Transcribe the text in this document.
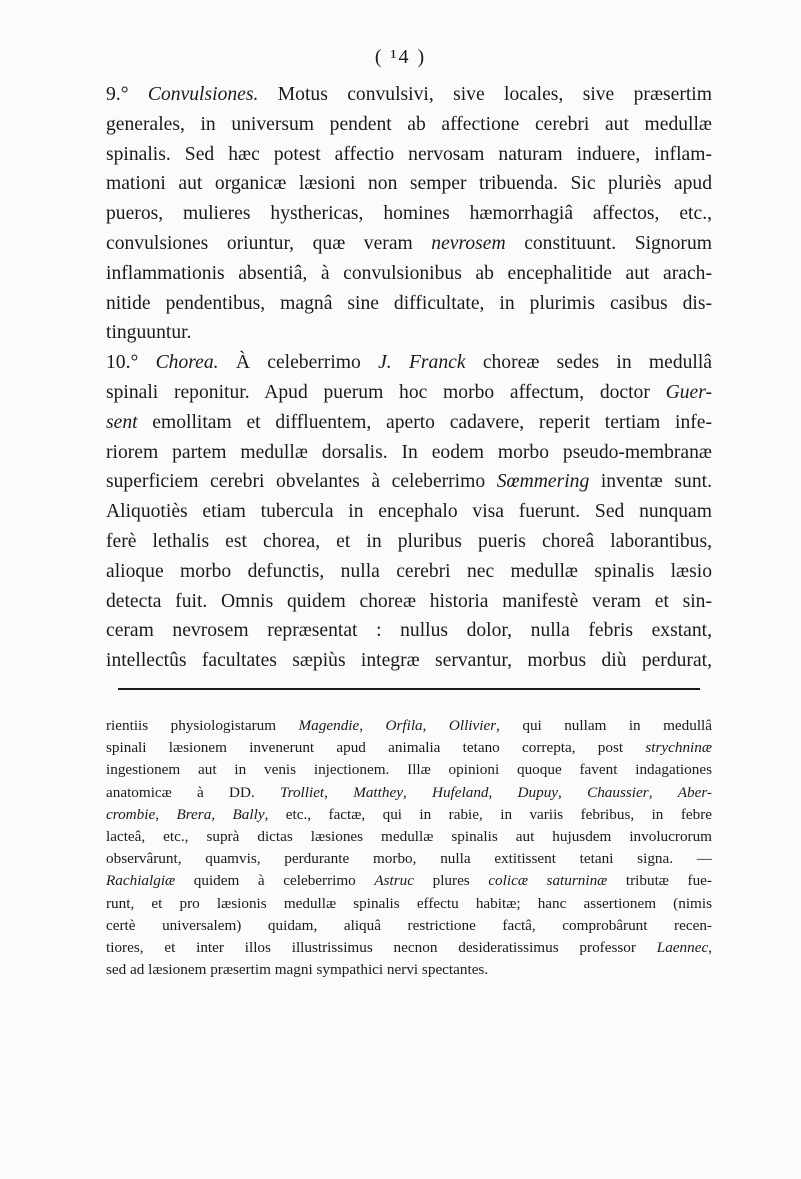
( ¹4 )
9.° Convulsiones. Motus convulsivi, sive locales, sive præsertim
generales, in universum pendent ab affectione cerebri aut medullæ
spinalis. Sed hæc potest affectio nervosam naturam induere, inflam-
mationi aut organicæ læsioni non semper tribuenda. Sic pluriès apud
pueros, mulieres hysthericas, homines hæmorrhagiâ affectos, etc.,
convulsiones oriuntur, quæ veram nevrosem constituunt. Signorum
inflammationis absentiâ, à convulsionibus ab encephalitide aut arach-
nitide pendentibus, magnâ sine difficultate, in plurimis casibus dis-
tinguuntur.
10.° Chorea. À celeberrimo J. Franck choreæ sedes in medullâ
spinali reponitur. Apud puerum hoc morbo affectum, doctor Guer-
sent emollitam et diffluentem, aperto cadavere, reperit tertiam infe-
riorem partem medullæ dorsalis. In eodem morbo pseudo-membranæ
superficiem cerebri obvelantes à celeberrimo Sœmmering inventæ sunt.
Aliquotiès etiam tubercula in encephalo visa fuerunt. Sed nunquam
ferè lethalis est chorea, et in pluribus pueris choreâ laborantibus,
alioque morbo defunctis, nulla cerebri nec medullæ spinalis læsio
detecta fuit. Omnis quidem choreæ historia manifestè veram et sin-
ceram nevrosem repræsentat : nullus dolor, nulla febris exstant,
intellectûs facultates sæpiùs integræ servantur, morbus diù perdurat,
rientiis physiologistarum Magendie, Orfila, Ollivier, qui nullam in medullâ
spinali læsionem invenerunt apud animalia tetano correpta, post strychninæ
ingestionem aut in venis injectionem. Illæ opinioni quoque favent indagationes
anatomicæ à DD. Trolliet, Matthey, Hufeland, Dupuy, Chaussier, Aber-
crombie, Brera, Bally, etc., factæ, qui in rabie, in variis febribus, in febre
lacteâ, etc., suprà dictas læsiones medullæ spinalis aut hujusdem involucrorum
observârunt, quamvis, perdurante morbo, nulla extitissent tetani signa. —
Rachialgiæ quidem à celeberrimo Astruc plures colicæ saturninæ tributæ fue-
runt, et pro læsionis medullæ spinalis effectu habitæ; hanc assertionem (nimis
certè universalem) quidam, aliquâ restrictione factâ, comprobârunt recen-
tiores, et inter illos illustrissimus necnon desideratissimus professor Laennec,
sed ad læsionem præsertim magni sympathici nervi spectantes.
